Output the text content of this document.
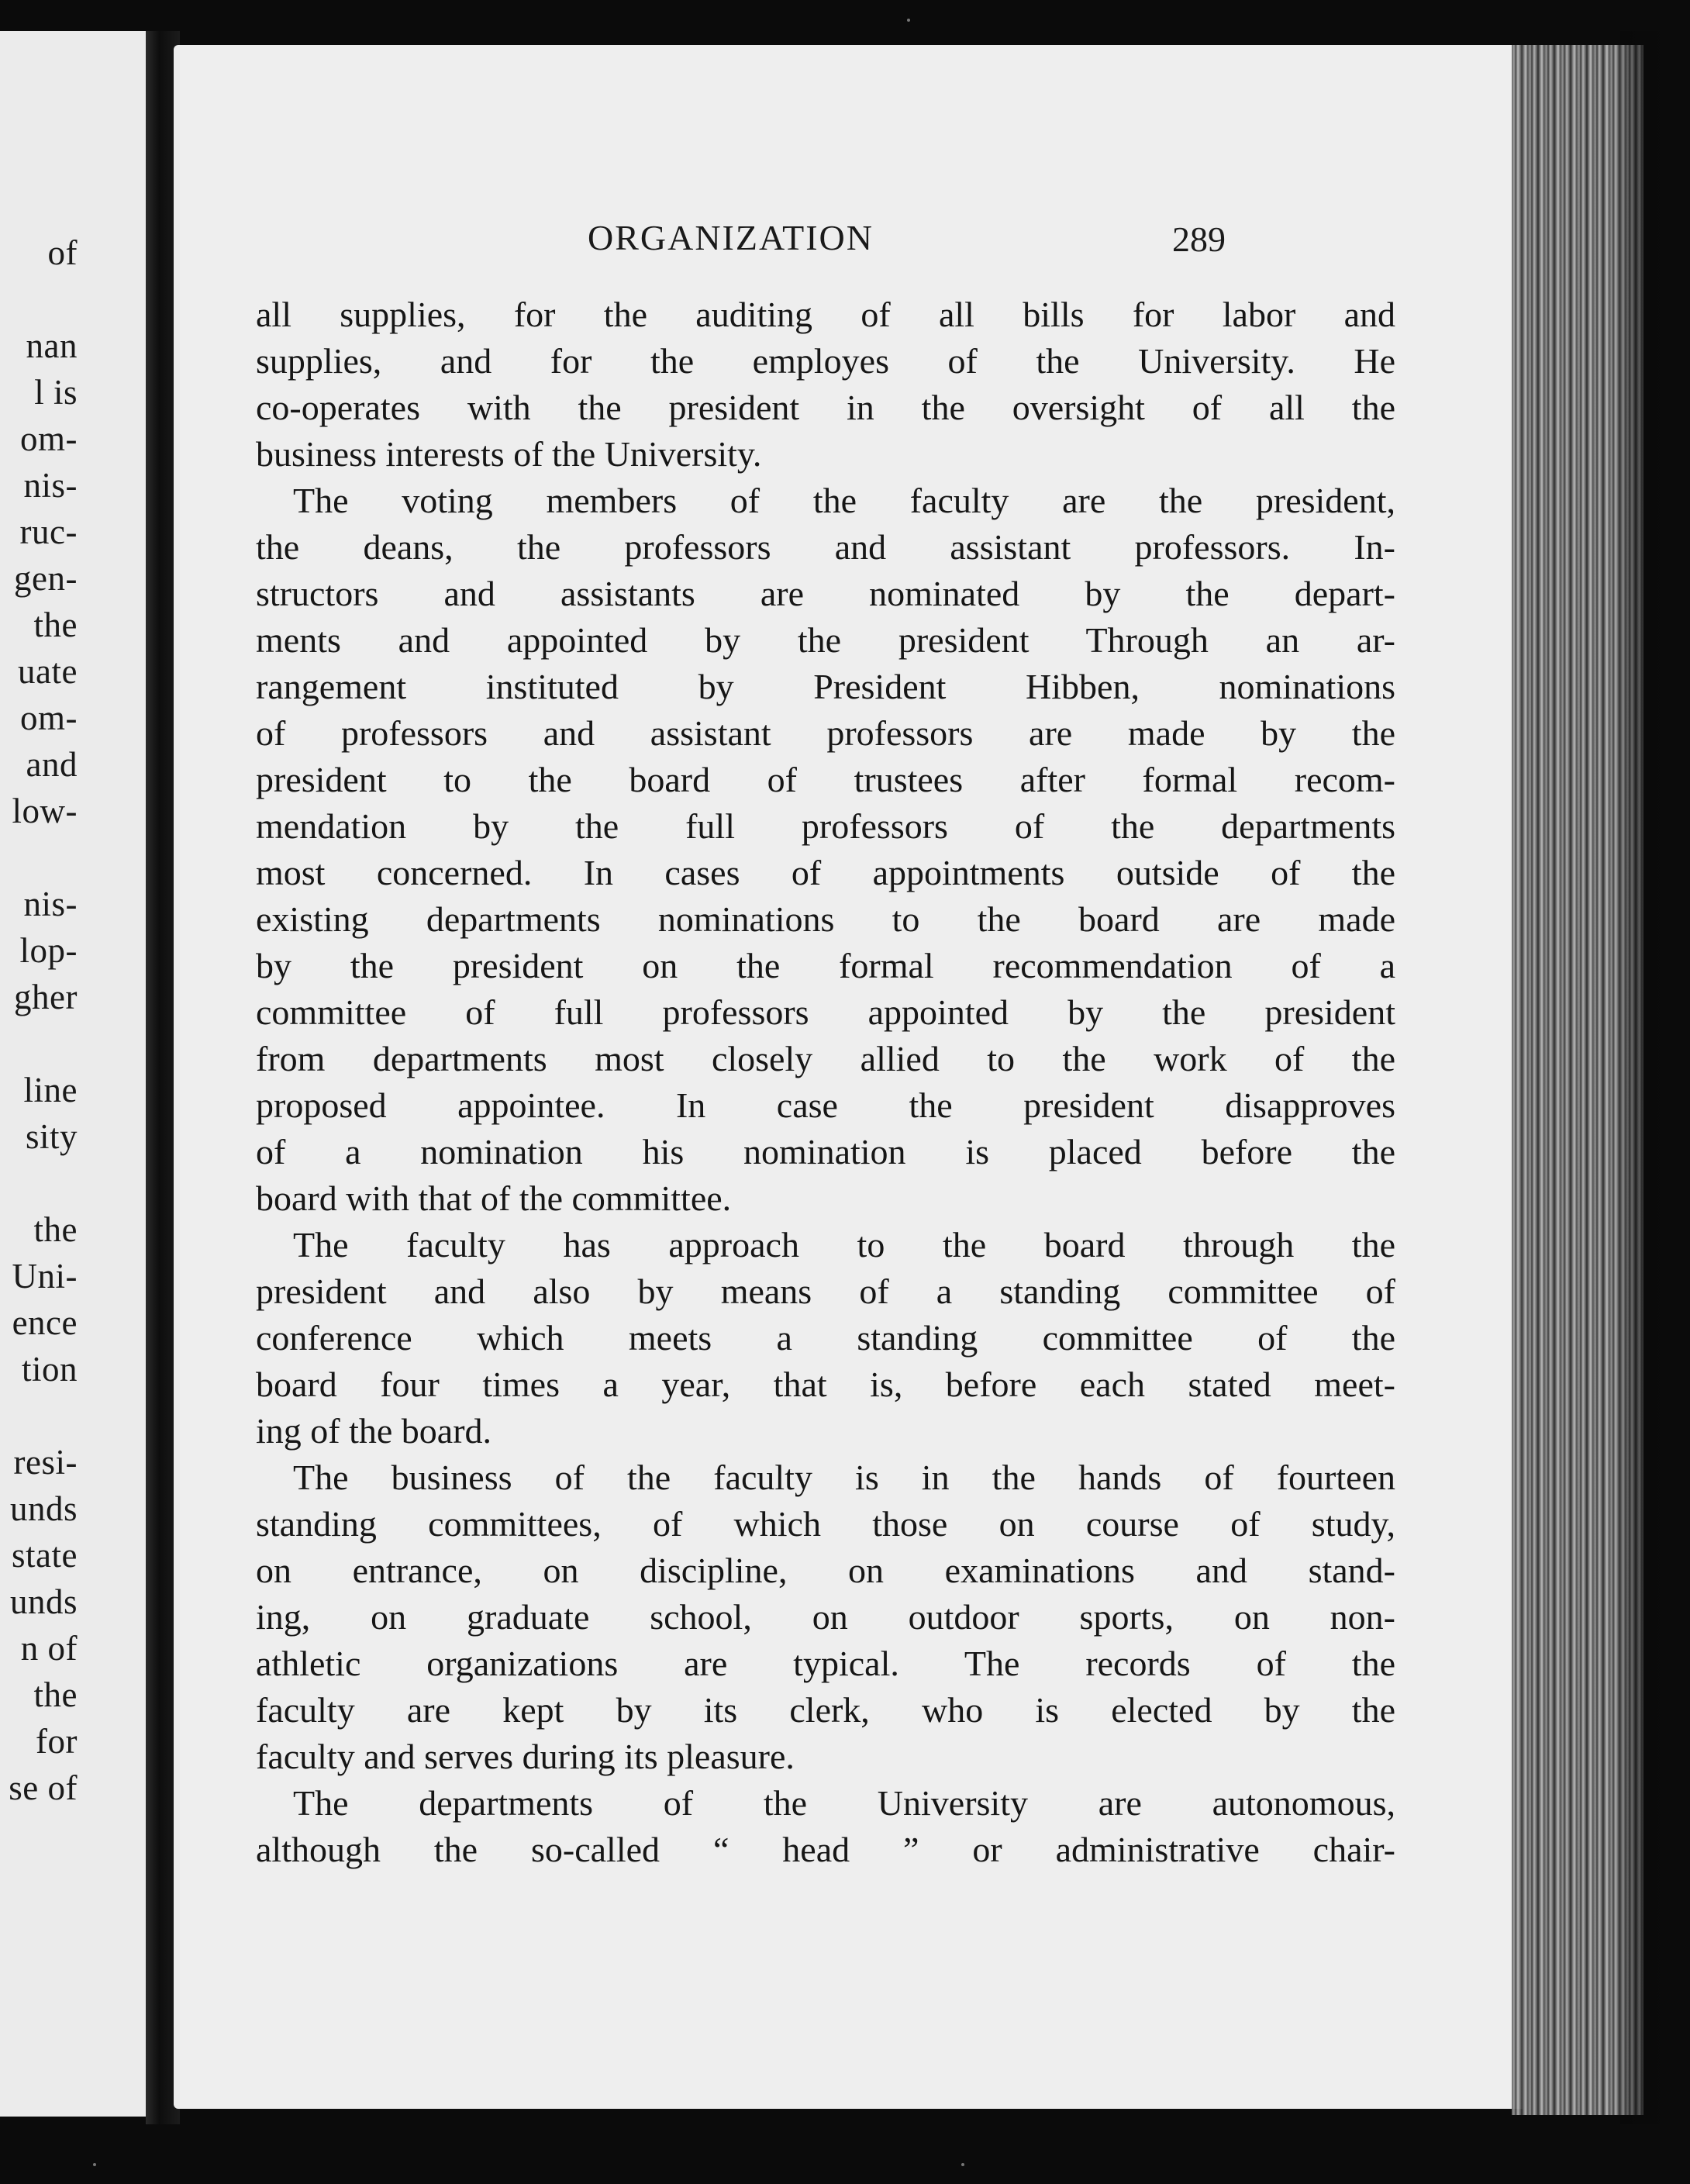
of
nan
l is
om-
nis-
ruc-
gen-
the
uate
om-
and
low-
nis-
lop-
gher
line
sity
the
Uni-
ence
tion
resi-
unds
state
unds
n of
the
for
se of
ORGANIZATION	289
all supplies, for the auditing of all bills for labor and
supplies, and for the employes of the University. He
co-operates with the president in the oversight of all the
business interests of the University.
The voting members of the faculty are the president,
the deans, the professors and assistant professors. In-
structors and assistants are nominated by the depart-
ments and appointed by the president Through an ar-
rangement instituted by President Hibben, nominations
of professors and assistant professors are made by the
president to the board of trustees after formal recom-
mendation by the full professors of the departments
most concerned. In cases of appointments outside of the
existing departments nominations to the board are made
by the president on the formal recommendation of a
committee of full professors appointed by the president
from departments most closely allied to the work of the
proposed appointee. In case the president disapproves
of a nomination his nomination is placed before the
board with that of the committee.
The faculty has approach to the board through the
president and also by means of a standing committee of
conference which meets a standing committee of the
board four times a year, that is, before each stated meet-
ing of the board.
The business of the faculty is in the hands of fourteen
standing committees, of which those on course of study,
on entrance, on discipline, on examinations and stand-
ing, on graduate school, on outdoor sports, on non-
athletic organizations are typical. The records of the
faculty are kept by its clerk, who is elected by the
faculty and serves during its pleasure.
The departments of the University are autonomous,
although the so-called “ head ” or administrative chair-
